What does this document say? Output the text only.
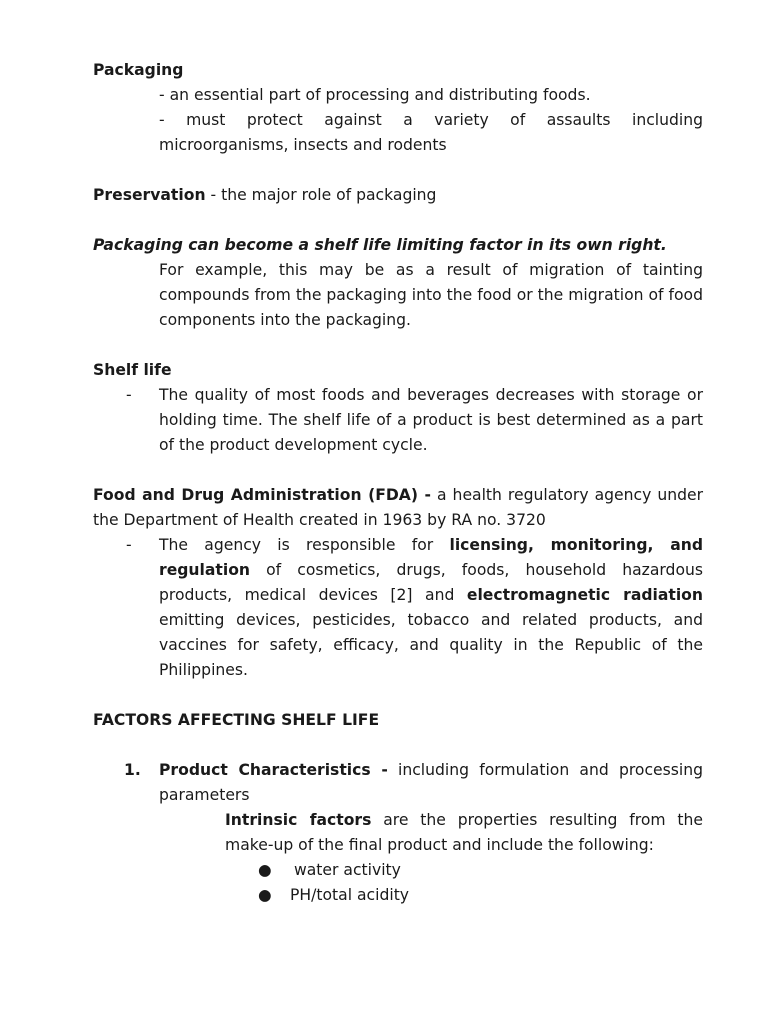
Packaging

- an essential part of processing and distributing foods.

- must protect against a variety of assaults including microorganisms, insects and rodents

Preservation - the major role of packaging

Packaging can become a shelf life limiting factor in its own right.

For example, this may be as a result of migration of tainting compounds from the packaging into the food or the migration of food components into the packaging.

Shelf life

- The quality of most foods and beverages decreases with storage or holding time. The shelf life of a product is best determined as a part of the product development cycle.

Food and Drug Administration (FDA) - a health regulatory agency under the Department of Health created in 1963 by RA no. 3720

- The agency is responsible for licensing, monitoring, and regulation of cosmetics, drugs, foods, household hazardous products, medical devices [2] and electromagnetic radiation emitting devices, pesticides, tobacco and related products, and vaccines for safety, efficacy, and quality in the Republic of the Philippines.

FACTORS AFFECTING SHELF LIFE

1. Product Characteristics - including formulation and processing parameters

Intrinsic factors are the properties resulting from the make-up of the final product and include the following:

● water activity

● PH/total acidity
